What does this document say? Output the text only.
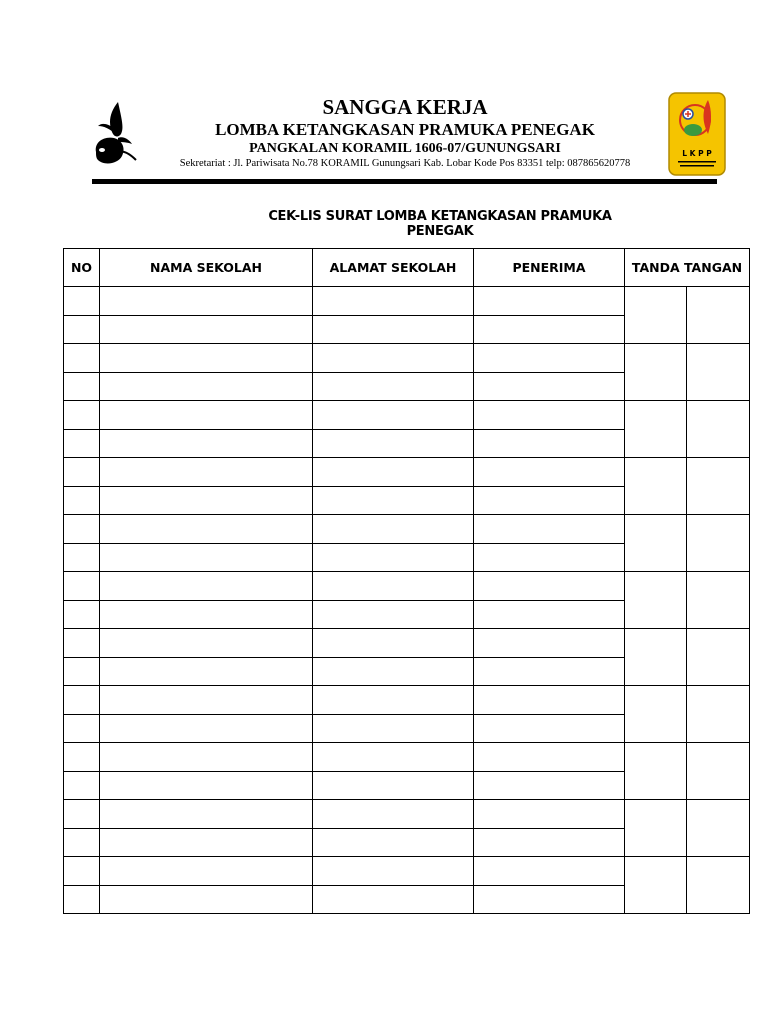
SANGGA KERJA
LOMBA KETANGKASAN PRAMUKA PENEGAK
PANGKALAN KORAMIL 1606-07/GUNUNGSARI
Sekretariat : Jl. Pariwisata No.78 KORAMIL Gunungsari Kab. Lobar Kode Pos 83351 telp: 087865620778
L K P P
CEK-LIS SURAT LOMBA KETANGKASAN PRAMUKA PENEGAK
NO	NAMA SEKOLAH	ALAMAT SEKOLAH	PENERIMA	TANDA TANGAN	
